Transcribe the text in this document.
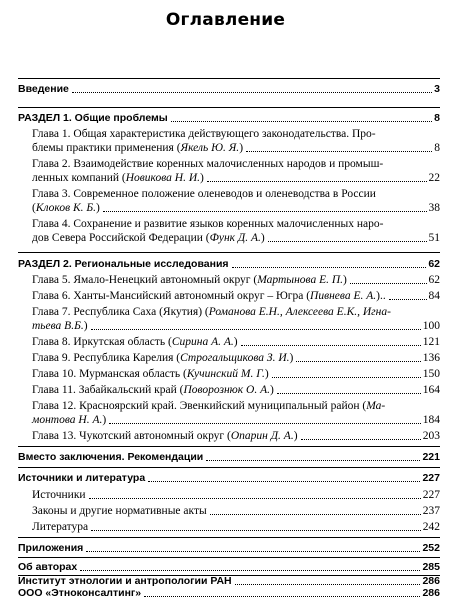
Оглавление
Введение	3
РАЗДЕЛ 1. Общие проблемы	8
Глава 1. Общая характеристика действующего законодательства. Про-
блемы практики применения (Якель Ю. Я.)	8
Глава 2. Взаимодействие коренных малочисленных народов и промыш-
ленных компаний (Новикова Н. И.)	22
Глава 3. Современное положение оленеводов и оленеводства в России
(Клоков К. Б.)	38
Глава 4. Сохранение и развитие языков коренных малочисленных наро-
дов Севера Российской Федерации (Функ Д. А.)	51
РАЗДЕЛ 2. Региональные исследования	62
Глава 5. Ямало-Ненецкий автономный округ (Мартынова Е. П.)	62
Глава 6. Ханты-Мансийский автономный округ – Югра (Пивнева Е. А.)..	84
Глава 7. Республика Саха (Якутия) (Романова Е.Н., Алексеева Е.К., Игна-
тьева В.Б.)	100
Глава 8. Иркутская область (Сирина А. А.)	121
Глава 9. Республика Карелия (Строгальщикова З. И.)	136
Глава 10. Мурманская область (Кучинский М. Г.)	150
Глава 11. Забайкальский край (Поворознюк О. А.)	164
Глава 12. Красноярский край. Эвенкийский муниципальный район (Ма-
монтова Н. А.)	184
Глава 13. Чукотский автономный округ (Опарин Д. А.)	203
Вместо заключения. Рекомендации	221
Источники и литература	227
Источники	227
Законы и другие нормативные акты	237
Литература	242
Приложения	252
Об авторах	285
Институт этнологии и антропологии РАН	286
ООО «Этноконсалтинг»	286
